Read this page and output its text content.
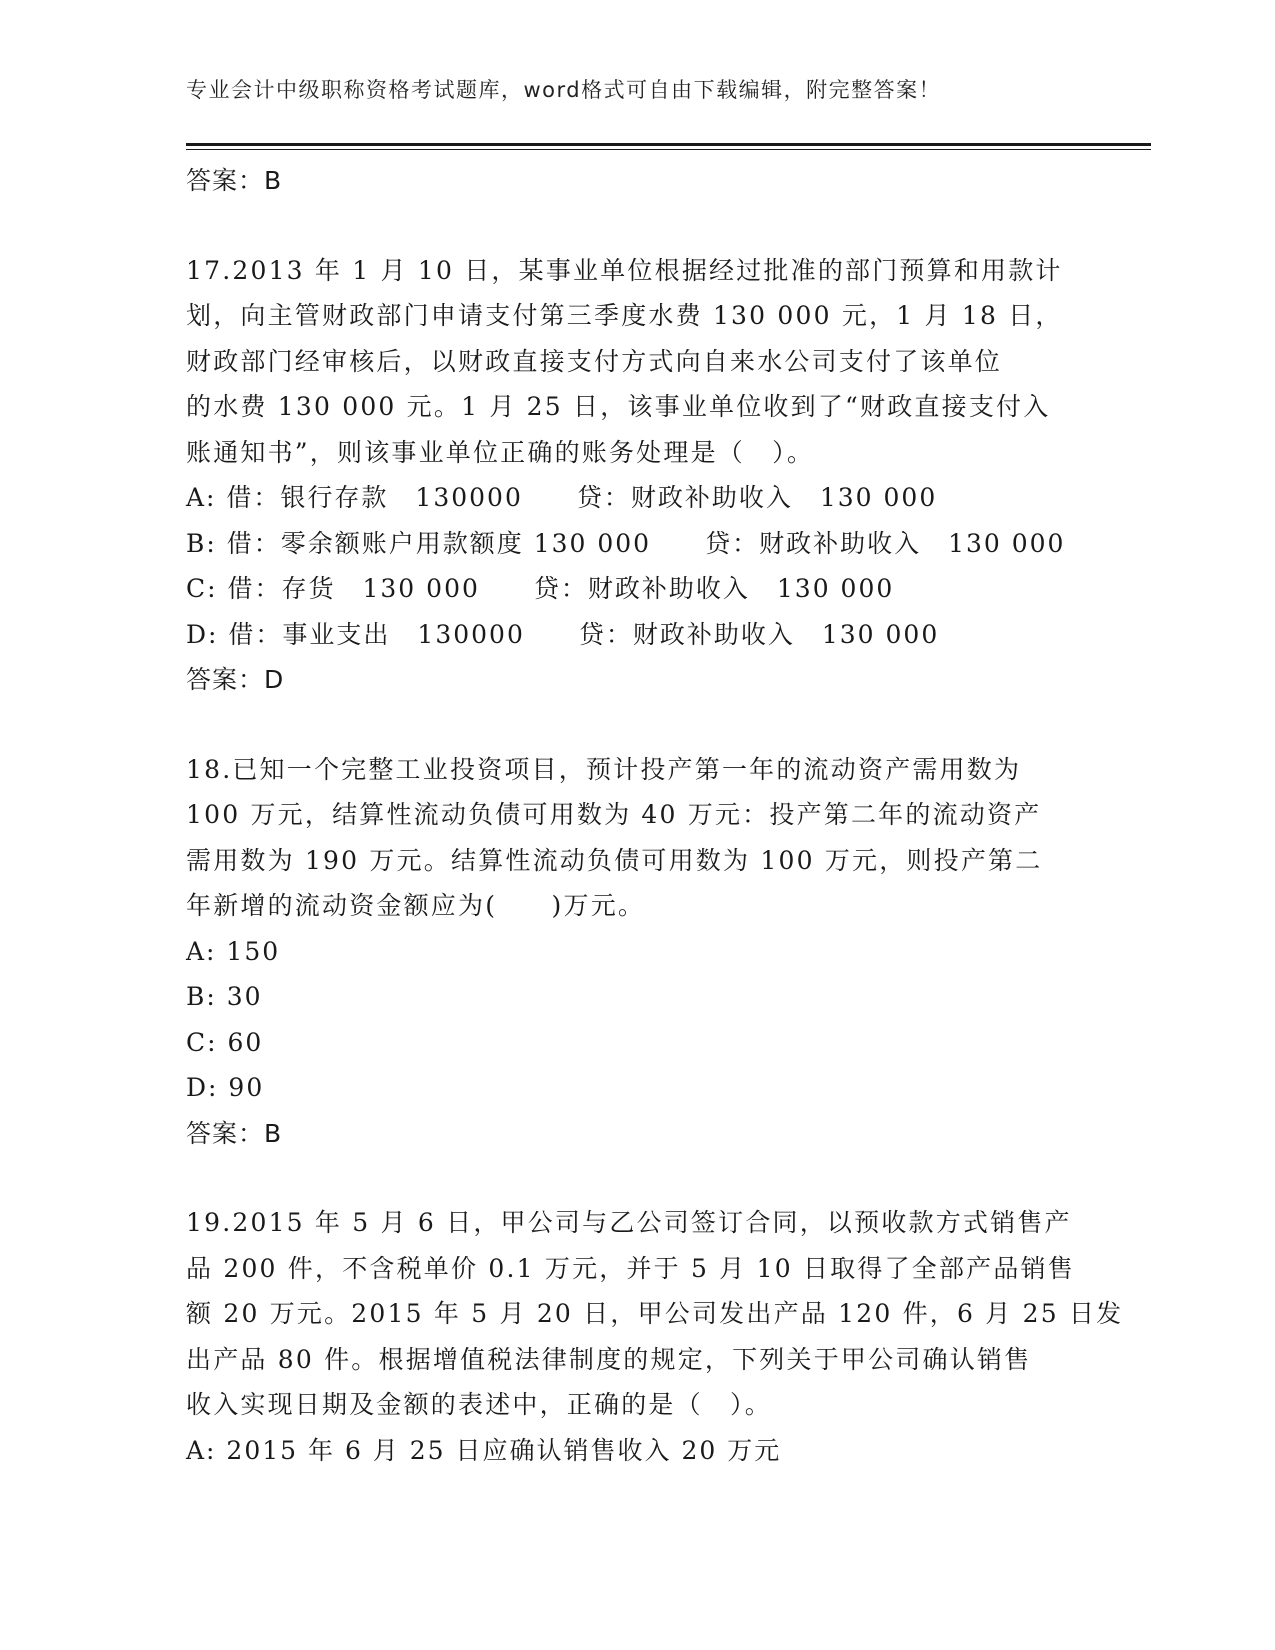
专业会计中级职称资格考试题库，word格式可自由下载编辑，附完整答案！
答案：B
17.2013 年 1 月 10 日，某事业单位根据经过批准的部门预算和用款计
划，向主管财政部门申请支付第三季度水费 130 000 元，1 月 18 日，
财政部门经审核后，以财政直接支付方式向自来水公司支付了该单位
的水费 130 000 元。1 月 25 日，该事业单位收到了“财政直接支付入
账通知书”，则该事业单位正确的账务处理是（　）。
A: 借：银行存款　130000　　贷：财政补助收入　130 000
B: 借：零余额账户用款额度 130 000　　贷：财政补助收入　130 000
C: 借：存货　130 000　　贷：财政补助收入　130 000
D: 借：事业支出　130000　　贷：财政补助收入　130 000
答案：D
18.已知一个完整工业投资项目，预计投产第一年的流动资产需用数为
100 万元，结算性流动负债可用数为 40 万元：投产第二年的流动资产
需用数为 190 万元。结算性流动负债可用数为 100 万元，则投产第二
年新增的流动资金额应为(　　)万元。
A: 150
B: 30
C: 60
D: 90
答案：B
19.2015 年 5 月 6 日，甲公司与乙公司签订合同，以预收款方式销售产
品 200 件，不含税单价 0.1 万元，并于 5 月 10 日取得了全部产品销售
额 20 万元。2015 年 5 月 20 日，甲公司发出产品 120 件，6 月 25 日发
出产品 80 件。根据增值税法律制度的规定，下列关于甲公司确认销售
收入实现日期及金额的表述中，正确的是（　）。
A: 2015 年 6 月 25 日应确认销售收入 20 万元
